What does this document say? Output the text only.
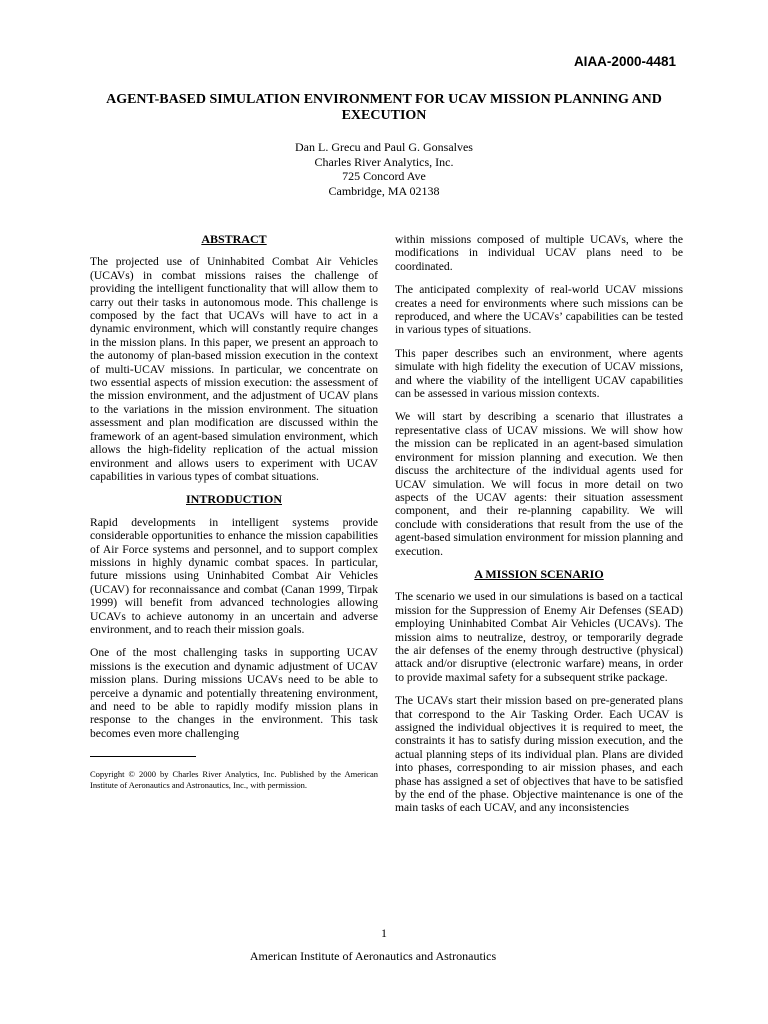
AIAA-2000-4481
AGENT-BASED SIMULATION ENVIRONMENT FOR UCAV MISSION PLANNING AND EXECUTION
Dan L. Grecu and Paul G. Gonsalves
Charles River Analytics, Inc.
725 Concord Ave
Cambridge, MA 02138
ABSTRACT

The projected use of Uninhabited Combat Air Vehicles (UCAVs) in combat missions raises the challenge of providing the intelligent functionality that will allow them to carry out their tasks in autonomous mode. This challenge is composed by the fact that UCAVs will have to act in a dynamic environment, which will constantly require changes in the mission plans. In this paper, we present an approach to the autonomy of plan-based mission execution in the context of multi-UCAV missions. In particular, we concentrate on two essential aspects of mission execution: the assessment of the mission environment, and the adjustment of UCAV plans to the variations in the mission environment. The situation assessment and plan modification are discussed within the framework of an agent-based simulation environment, which allows the high-fidelity replication of the actual mission environment and allows users to experiment with UCAV capabilities in various types of combat situations.

INTRODUCTION

Rapid developments in intelligent systems provide considerable opportunities to enhance the mission capabilities of Air Force systems and personnel, and to support complex missions in highly dynamic combat spaces. In particular, future missions using Uninhabited Combat Air Vehicles (UCAV) for reconnaissance and combat (Canan 1999, Tirpak 1999) will benefit from advanced technologies allowing UCAVs to achieve autonomy in an uncertain and adverse environment, and to reach their mission goals.

One of the most challenging tasks in supporting UCAV missions is the execution and dynamic adjustment of UCAV mission plans. During missions UCAVs need to be able to perceive a dynamic and potentially threatening environment, and need to be able to rapidly modify mission plans in response to the changes in the environment. This task becomes even more challenging

Copyright © 2000 by Charles River Analytics, Inc. Published by the American Institute of Aeronautics and Astronautics, Inc., with permission.

within missions composed of multiple UCAVs, where the modifications in individual UCAV plans need to be coordinated.

The anticipated complexity of real-world UCAV missions creates a need for environments where such missions can be reproduced, and where the UCAVs’ capabilities can be tested in various types of situations.

This paper describes such an environment, where agents simulate with high fidelity the execution of UCAV missions, and where the viability of the intelligent UCAV capabilities can be assessed in various mission contexts.

We will start by describing a scenario that illustrates a representative class of UCAV missions. We will show how the mission can be replicated in an agent-based simulation environment for mission planning and execution. We then discuss the architecture of the individual agents used for UCAV simulation. We will focus in more detail on two aspects of the UCAV agents: their situation assessment component, and their re-planning capability. We will conclude with considerations that result from the use of the agent-based simulation environment for mission planning and execution.

A MISSION SCENARIO

The scenario we used in our simulations is based on a tactical mission for the Suppression of Enemy Air Defenses (SEAD) employing Uninhabited Combat Air Vehicles (UCAVs). The mission aims to neutralize, destroy, or temporarily degrade the air defenses of the enemy through destructive (physical) attack and/or disruptive (electronic warfare) means, in order to provide maximal safety for a subsequent strike package.

The UCAVs start their mission based on pre-generated plans that correspond to the Air Tasking Order. Each UCAV is assigned the individual objectives it is required to meet, the constraints it has to satisfy during mission execution, and the actual planning steps of its individual plan. Plans are divided into phases, corresponding to air mission phases, and each phase has assigned a set of objectives that have to be satisfied by the end of the phase. Objective maintenance is one of the main tasks of each UCAV, and any inconsistencies

1
American Institute of Aeronautics and Astronautics
